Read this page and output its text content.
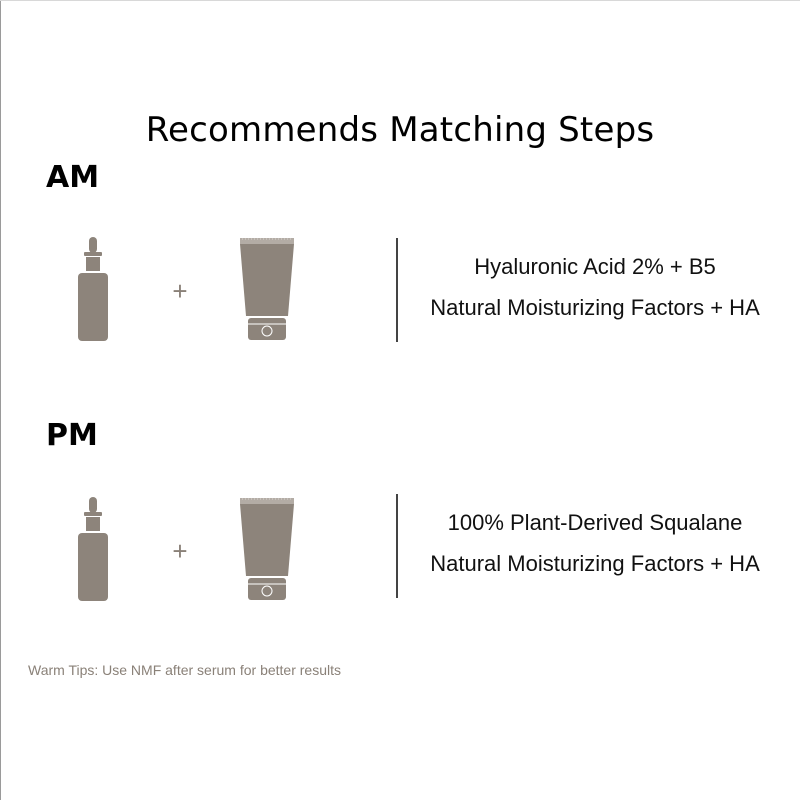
Recommends Matching Steps
AM
+
Hyaluronic Acid 2% + B5
Natural Moisturizing Factors + HA
PM
+
100% Plant-Derived Squalane
Natural Moisturizing Factors + HA
Warm Tips: Use NMF after serum for better results
